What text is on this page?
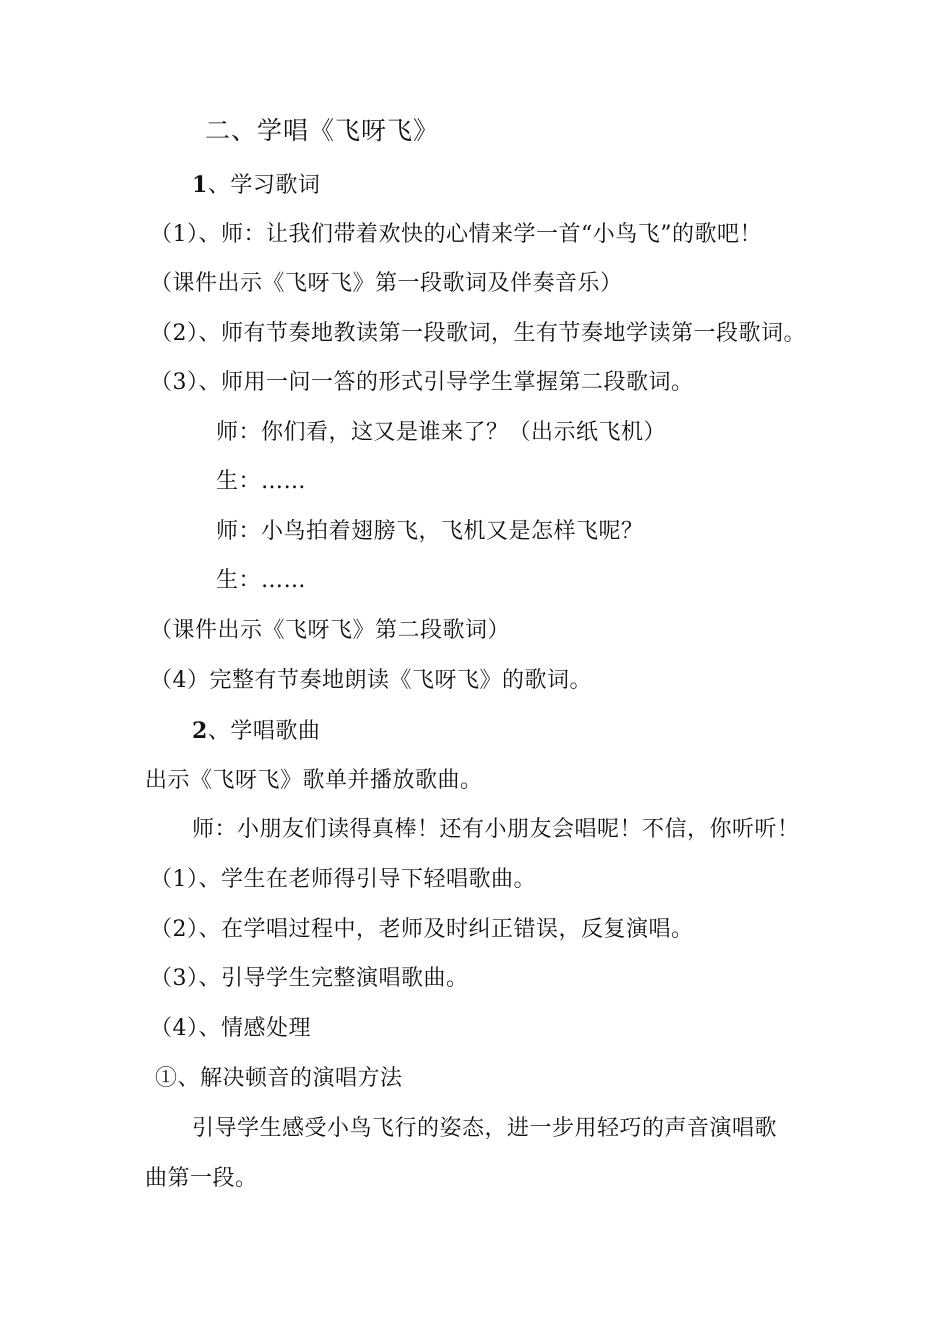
二、学唱《飞呀飞》
1、学习歌词
（1）、师：让我们带着欢快的心情来学一首“小鸟飞”的歌吧！
（课件出示《飞呀飞》第一段歌词及伴奏音乐）
（2）、师有节奏地教读第一段歌词，生有节奏地学读第一段歌词。
（3）、师用一问一答的形式引导学生掌握第二段歌词。
师：你们看，这又是谁来了？（出示纸飞机）
生：……
师：小鸟拍着翅膀飞，飞机又是怎样飞呢？
生：……
（课件出示《飞呀飞》第二段歌词）
（4）完整有节奏地朗读《飞呀飞》的歌词。
2、学唱歌曲
出示《飞呀飞》歌单并播放歌曲。
师：小朋友们读得真棒！还有小朋友会唱呢！不信，你听听！
（1）、学生在老师得引导下轻唱歌曲。
（2）、在学唱过程中，老师及时纠正错误，反复演唱。
（3）、引导学生完整演唱歌曲。
（4）、情感处理
①、解决顿音的演唱方法
引导学生感受小鸟飞行的姿态，进一步用轻巧的声音演唱歌
曲第一段。
